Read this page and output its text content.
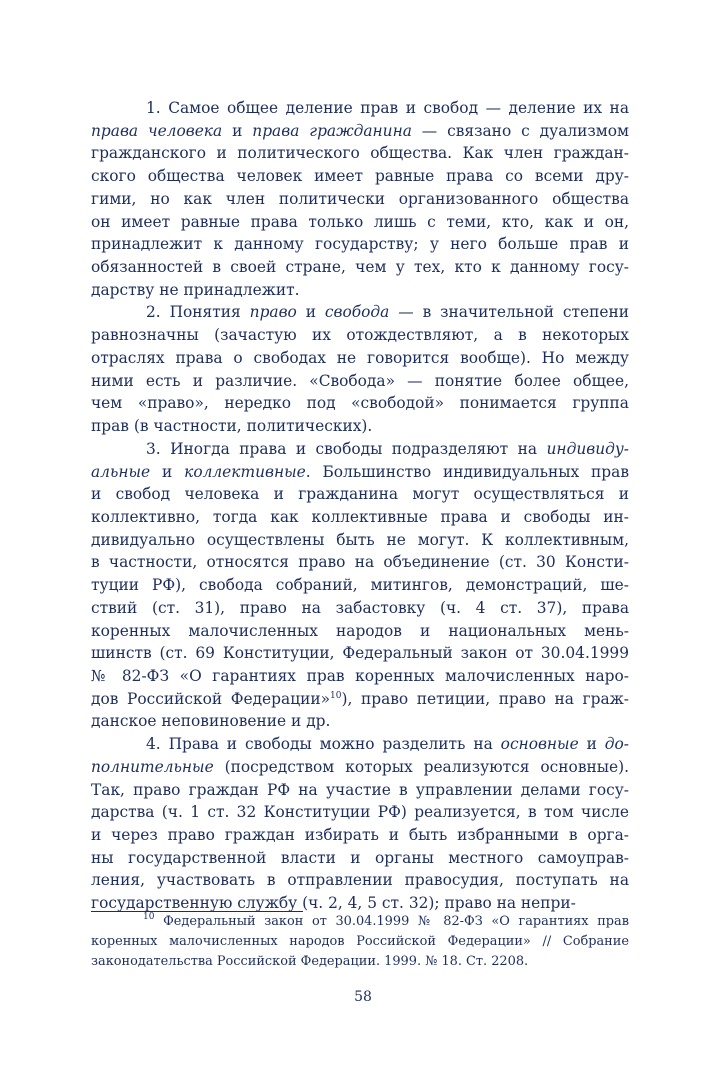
1. Самое общее деление прав и свобод — деление их на
права человека и права гражданина — связано с дуализмом
гражданского и политического общества. Как член граждан-
ского общества человек имеет равные права со всеми дру-
гими, но как член политически организованного общества
он имеет равные права только лишь с теми, кто, как и он,
принадлежит к данному государству; у него больше прав и
обязанностей в своей стране, чем у тех, кто к данному госу-
дарству не принадлежит.
2. Понятия право и свобода — в значительной степени
равнозначны (зачастую их отождествляют, а в некоторых
отраслях права о свободах не говорится вообще). Но между
ними есть и различие. «Свобода» — понятие более общее,
чем «право», нередко под «свободой» понимается группа
прав (в частности, политических).
3. Иногда права и свободы подразделяют на индивиду-
альные и коллективные. Большинство индивидуальных прав
и свобод человека и гражданина могут осуществляться и
коллективно, тогда как коллективные права и свободы ин-
дивидуально осуществлены быть не могут. К коллективным,
в частности, относятся право на объединение (ст. 30 Консти-
туции РФ), свобода собраний, митингов, демонстраций, ше-
ствий (ст. 31), право на забастовку (ч. 4 ст. 37), права
коренных малочисленных народов и национальных мень-
шинств (ст. 69 Конституции, Федеральный закон от 30.04.1999
№ 82-ФЗ «О гарантиях прав коренных малочисленных наро-
дов Российской Федерации»$^{10}$), право петиции, право на граж-
данское неповиновение и др.
4. Права и свободы можно разделить на основные и до-
полнительные (посредством которых реализуются основные).
Так, право граждан РФ на участие в управлении делами госу-
дарства (ч. 1 ст. 32 Конституции РФ) реализуется, в том числе
и через право граждан избирать и быть избранными в орга-
ны государственной власти и органы местного самоуправ-
ления, участвовать в отправлении правосудия, поступать на
государственную службу (ч. 2, 4, 5 ст. 32); право на непри-
$^{10}$ Федеральный закон от 30.04.1999 № 82-ФЗ «О гарантиях прав
коренных малочисленных народов Российской Федерации» // Собрание
законодательства Российской Федерации. 1999. № 18. Ст. 2208.
58
